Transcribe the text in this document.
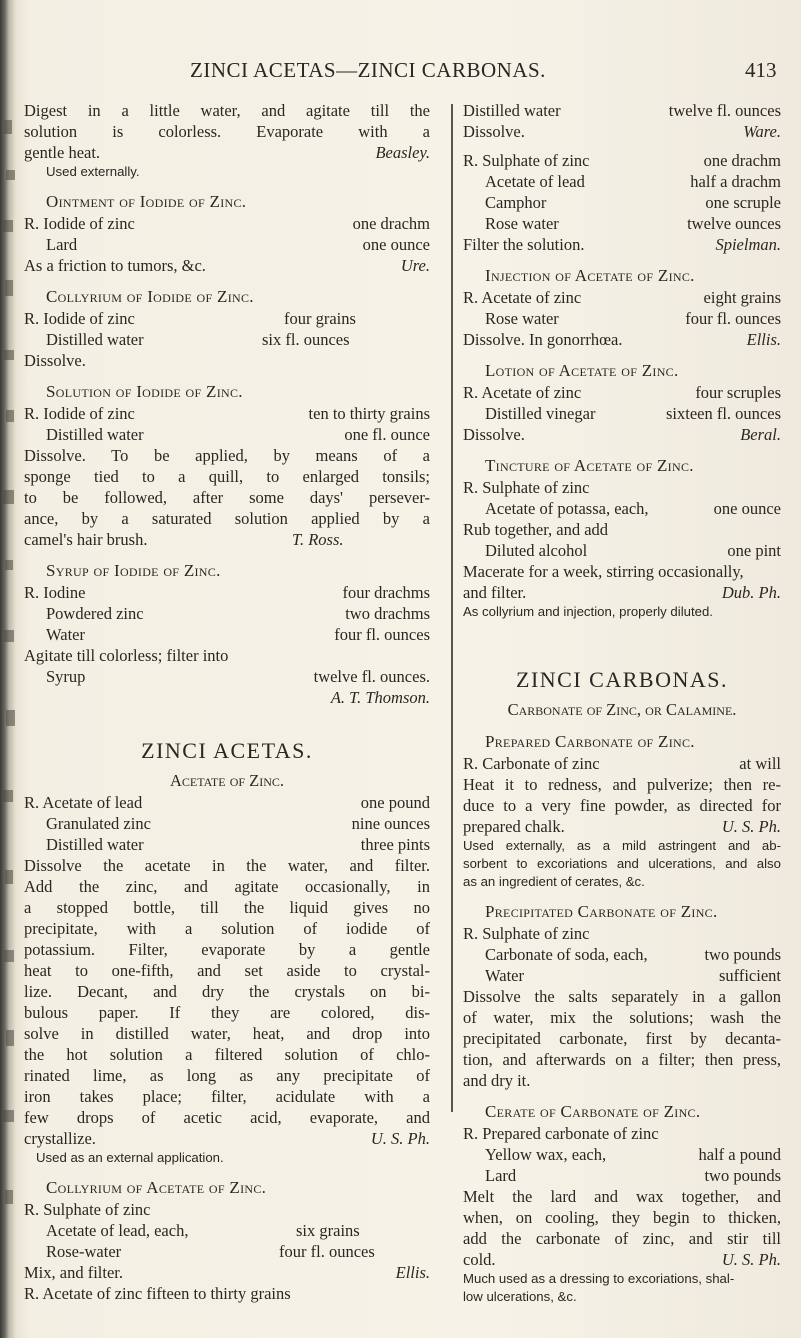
ZINCI ACETAS—ZINCI CARBONAS.	413
Digest in a little water, and agitate till the
solution is colorless. Evaporate with a
gentle heat.	Beasley.
Used externally.
Ointment of Iodide of Zinc.
R. Iodide of zinc	one drachm
Lard	one ounce
As a friction to tumors, &c.	Ure.
Collyrium of Iodide of Zinc.
R. Iodide of zinc	four grains
Distilled water	six fl. ounces
Dissolve.
Solution of Iodide of Zinc.
R. Iodide of zinc	ten to thirty grains
Distilled water	one fl. ounce
Dissolve. To be applied, by means of a
sponge tied to a quill, to enlarged tonsils;
to be followed, after some days' persever-
ance, by a saturated solution applied by a
camel's hair brush.	T. Ross.
Syrup of Iodide of Zinc.
R. Iodine	four drachms
Powdered zinc	two drachms
Water	four fl. ounces
Agitate till colorless; filter into
Syrup	twelve fl. ounces.
A. T. Thomson.
ZINCI ACETAS.
Acetate of Zinc.
R. Acetate of lead	one pound
Granulated zinc	nine ounces
Distilled water	three pints
Dissolve the acetate in the water, and filter.
Add the zinc, and agitate occasionally, in
a stopped bottle, till the liquid gives no
precipitate, with a solution of iodide of
potassium. Filter, evaporate by a gentle
heat to one-fifth, and set aside to crystal-
lize. Decant, and dry the crystals on bi-
bulous paper. If they are colored, dis-
solve in distilled water, heat, and drop into
the hot solution a filtered solution of chlo-
rinated lime, as long as any precipitate of
iron takes place; filter, acidulate with a
few drops of acetic acid, evaporate, and
crystallize.	U. S. Ph.
Used as an external application.
Collyrium of Acetate of Zinc.
R. Sulphate of zinc
Acetate of lead, each,	six grains
Rose-water	four fl. ounces
Mix, and filter.	Ellis.
R. Acetate of zinc fifteen to thirty grains
Distilled water	twelve fl. ounces
Dissolve.	Ware.
R. Sulphate of zinc	one drachm
Acetate of lead	half a drachm
Camphor	one scruple
Rose water	twelve ounces
Filter the solution.	Spielman.
Injection of Acetate of Zinc.
R. Acetate of zinc	eight grains
Rose water	four fl. ounces
Dissolve. In gonorrhœa.	Ellis.
Lotion of Acetate of Zinc.
R. Acetate of zinc	four scruples
Distilled vinegar	sixteen fl. ounces
Dissolve.	Beral.
Tincture of Acetate of Zinc.
R. Sulphate of zinc
Acetate of potassa, each,	one ounce
Rub together, and add
Diluted alcohol	one pint
Macerate for a week, stirring occasionally,
and filter.	Dub. Ph.
As collyrium and injection, properly diluted.
ZINCI CARBONAS.
Carbonate of Zinc, or Calamine.
Prepared Carbonate of Zinc.
R. Carbonate of zinc	at will
Heat it to redness, and pulverize; then re-
duce to a very fine powder, as directed for
prepared chalk.	U. S. Ph.
Used externally, as a mild astringent and ab-
sorbent to excoriations and ulcerations, and also
as an ingredient of cerates, &c.
Precipitated Carbonate of Zinc.
R. Sulphate of zinc
Carbonate of soda, each,	two pounds
Water	sufficient
Dissolve the salts separately in a gallon
of water, mix the solutions; wash the
precipitated carbonate, first by decanta-
tion, and afterwards on a filter; then press,
and dry it.
Cerate of Carbonate of Zinc.
R. Prepared carbonate of zinc
Yellow wax, each,	half a pound
Lard	two pounds
Melt the lard and wax together, and
when, on cooling, they begin to thicken,
add the carbonate of zinc, and stir till
cold.	U. S. Ph.
Much used as a dressing to excoriations, shal-
low ulcerations, &c.
